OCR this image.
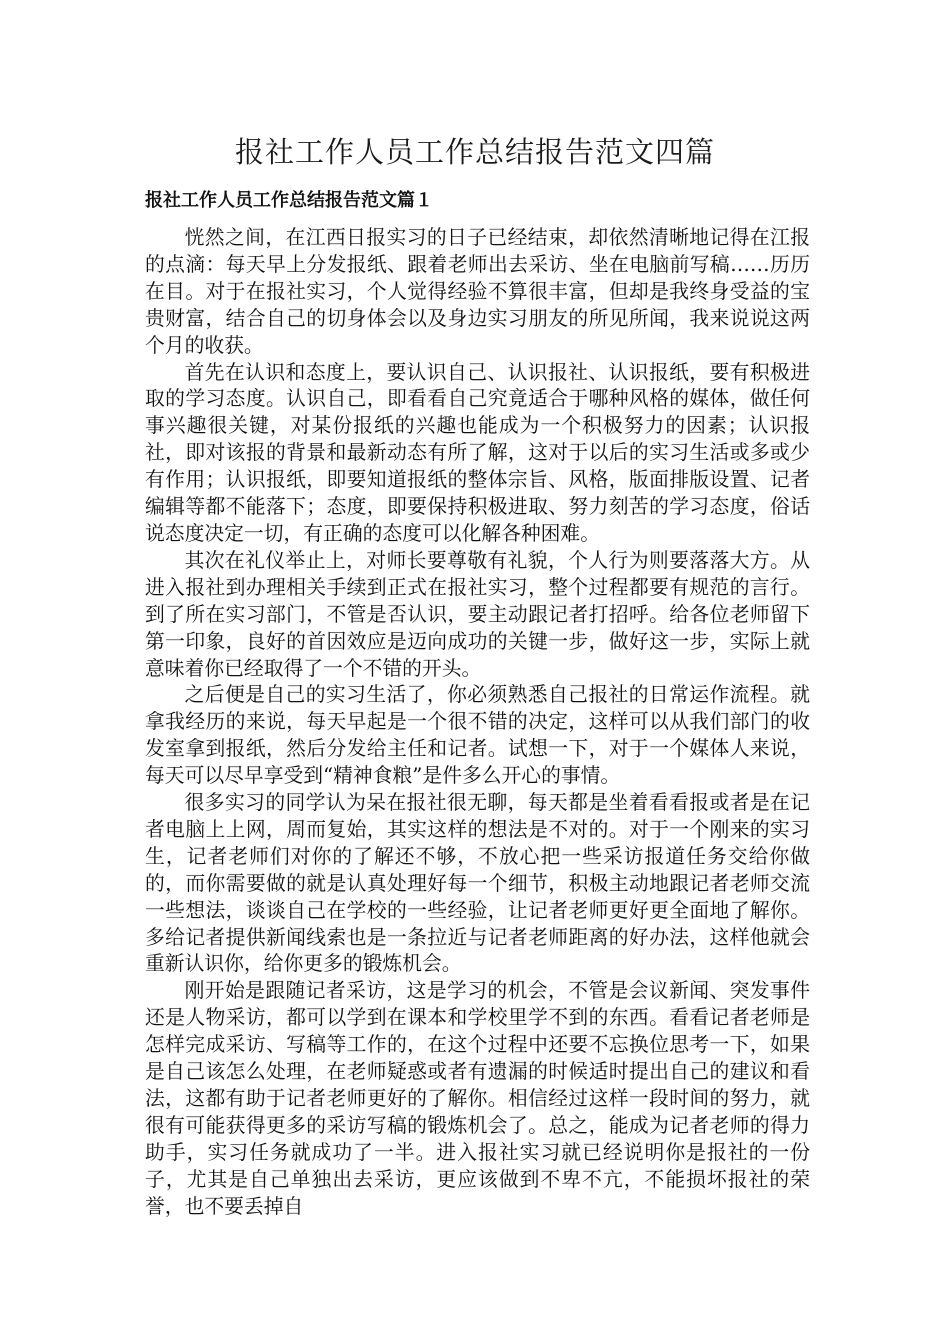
报社工作人员工作总结报告范文四篇
报社工作人员工作总结报告范文篇１

恍然之间，在江西日报实习的日子已经结束，却依然清晰地记得在江报的点滴：每天早上分发报纸、跟着老师出去采访、坐在电脑前写稿……历历在目。对于在报社实习，个人觉得经验不算很丰富，但却是我终身受益的宝贵财富，结合自己的切身体会以及身边实习朋友的所见所闻，我来说说这两个月的收获。

首先在认识和态度上，要认识自己、认识报社、认识报纸，要有积极进取的学习态度。认识自己，即看看自己究竟适合于哪种风格的媒体，做任何事兴趣很关键，对某份报纸的兴趣也能成为一个积极努力的因素；认识报社，即对该报的背景和最新动态有所了解，这对于以后的实习生活或多或少有作用；认识报纸，即要知道报纸的整体宗旨、风格，版面排版设置、记者编辑等都不能落下；态度，即要保持积极进取、努力刻苦的学习态度，俗话说态度决定一切，有正确的态度可以化解各种困难。

其次在礼仪举止上，对师长要尊敬有礼貌，个人行为则要落落大方。从进入报社到办理相关手续到正式在报社实习，整个过程都要有规范的言行。到了所在实习部门，不管是否认识，要主动跟记者打招呼。给各位老师留下第一印象，良好的首因效应是迈向成功的关键一步，做好这一步，实际上就意味着你已经取得了一个不错的开头。

之后便是自己的实习生活了，你必须熟悉自己报社的日常运作流程。就拿我经历的来说，每天早起是一个很不错的决定，这样可以从我们部门的收发室拿到报纸，然后分发给主任和记者。试想一下，对于一个媒体人来说，每天可以尽早享受到“精神食粮”是件多么开心的事情。

很多实习的同学认为呆在报社很无聊，每天都是坐着看看报或者是在记者电脑上上网，周而复始，其实这样的想法是不对的。对于一个刚来的实习生，记者老师们对你的了解还不够，不放心把一些采访报道任务交给你做的，而你需要做的就是认真处理好每一个细节，积极主动地跟记者老师交流一些想法，谈谈自己在学校的一些经验，让记者老师更好更全面地了解你。多给记者提供新闻线索也是一条拉近与记者老师距离的好办法，这样他就会重新认识你，给你更多的锻炼机会。

刚开始是跟随记者采访，这是学习的机会，不管是会议新闻、突发事件还是人物采访，都可以学到在课本和学校里学不到的东西。看看记者老师是怎样完成采访、写稿等工作的，在这个过程中还要不忘换位思考一下，如果是自己该怎么处理，在老师疑惑或者有遗漏的时候适时提出自己的建议和看法，这都有助于记者老师更好的了解你。相信经过这样一段时间的努力，就很有可能获得更多的采访写稿的锻炼机会了。总之，能成为记者老师的得力助手，实习任务就成功了一半。进入报社实习就已经说明你是报社的一份子，尤其是自己单独出去采访，更应该做到不卑不亢，不能损坏报社的荣誉，也不要丢掉自
